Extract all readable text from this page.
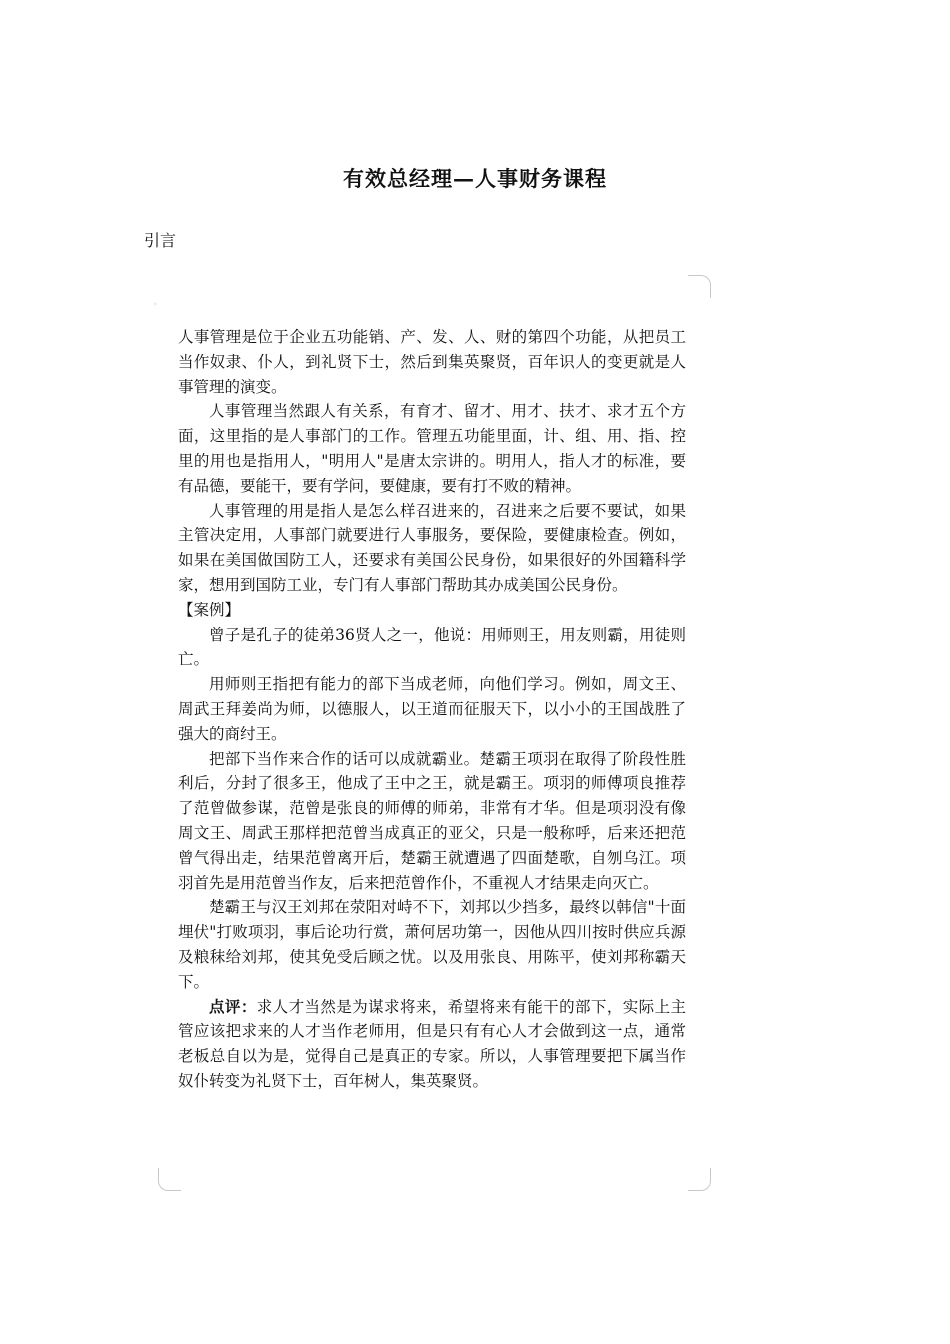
有效总经理—人事财务课程
引言
◦

人事管理是位于企业五功能销、产、发、人、财的第四个功能，从把员工当作奴隶、仆人，到礼贤下士，然后到集英聚贤，百年识人的变更就是人事管理的演变。

人事管理当然跟人有关系，有育才、留才、用才、扶才、求才五个方面，这里指的是人事部门的工作。管理五功能里面，计、组、用、指、控里的用也是指用人，"明用人"是唐太宗讲的。明用人，指人才的标准，要有品德，要能干，要有学问，要健康，要有打不败的精神。

人事管理的用是指人是怎么样召进来的，召进来之后要不要试，如果主管决定用，人事部门就要进行人事服务，要保险，要健康检查。例如，如果在美国做国防工人，还要求有美国公民身份，如果很好的外国籍科学家，想用到国防工业，专门有人事部门帮助其办成美国公民身份。

【案例】

曾子是孔子的徒弟36贤人之一，他说：用师则王，用友则霸，用徒则亡。

用师则王指把有能力的部下当成老师，向他们学习。例如，周文王、周武王拜姜尚为师，以德服人，以王道而征服天下，以小小的王国战胜了强大的商纣王。

把部下当作来合作的话可以成就霸业。楚霸王项羽在取得了阶段性胜利后，分封了很多王，他成了王中之王，就是霸王。项羽的师傅项良推荐了范曾做参谋，范曾是张良的师傅的师弟，非常有才华。但是项羽没有像周文王、周武王那样把范曾当成真正的亚父，只是一般称呼，后来还把范曾气得出走，结果范曾离开后，楚霸王就遭遇了四面楚歌，自刎乌江。项羽首先是用范曾当作友，后来把范曾作仆，不重视人才结果走向灭亡。

楚霸王与汉王刘邦在荥阳对峙不下，刘邦以少挡多，最终以韩信"十面埋伏"打败项羽，事后论功行赏，萧何居功第一，因他从四川按时供应兵源及粮秣给刘邦，使其免受后顾之忧。以及用张良、用陈平，使刘邦称霸天下。

点评：求人才当然是为谋求将来，希望将来有能干的部下，实际上主管应该把求来的人才当作老师用，但是只有有心人才会做到这一点，通常老板总自以为是，觉得自己是真正的专家。所以，人事管理要把下属当作奴仆转变为礼贤下士，百年树人，集英聚贤。
